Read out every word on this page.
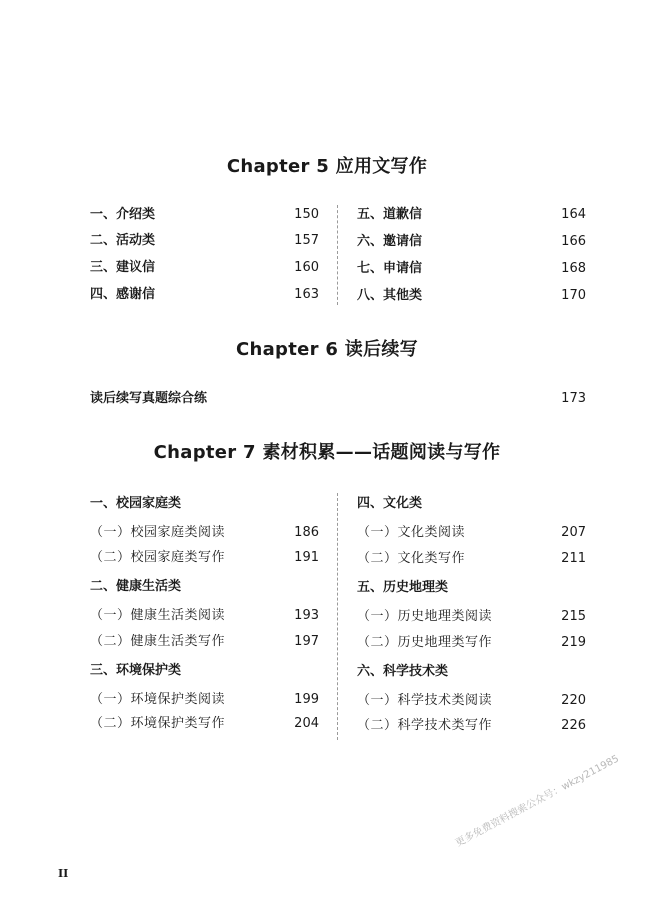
Chapter 5 应用文写作
一、介绍类	150
二、活动类	157
三、建议信	160
四、感谢信	163
五、道歉信	164
六、邀请信	166
七、申请信	168
八、其他类	170
Chapter 6 读后续写
读后续写真题综合练	173
Chapter 7 素材积累——话题阅读与写作
一、校园家庭类
（一）校园家庭类阅读	186
（二）校园家庭类写作	191
二、健康生活类
（一）健康生活类阅读	193
（二）健康生活类写作	197
三、环境保护类
（一）环境保护类阅读	199
（二）环境保护类写作	204
四、文化类
（一）文化类阅读	207
（二）文化类写作	211
五、历史地理类
（一）历史地理类阅读	215
（二）历史地理类写作	219
六、科学技术类
（一）科学技术类阅读	220
（二）科学技术类写作	226
更多免费资料搜索公众号：wkzy211985
II
